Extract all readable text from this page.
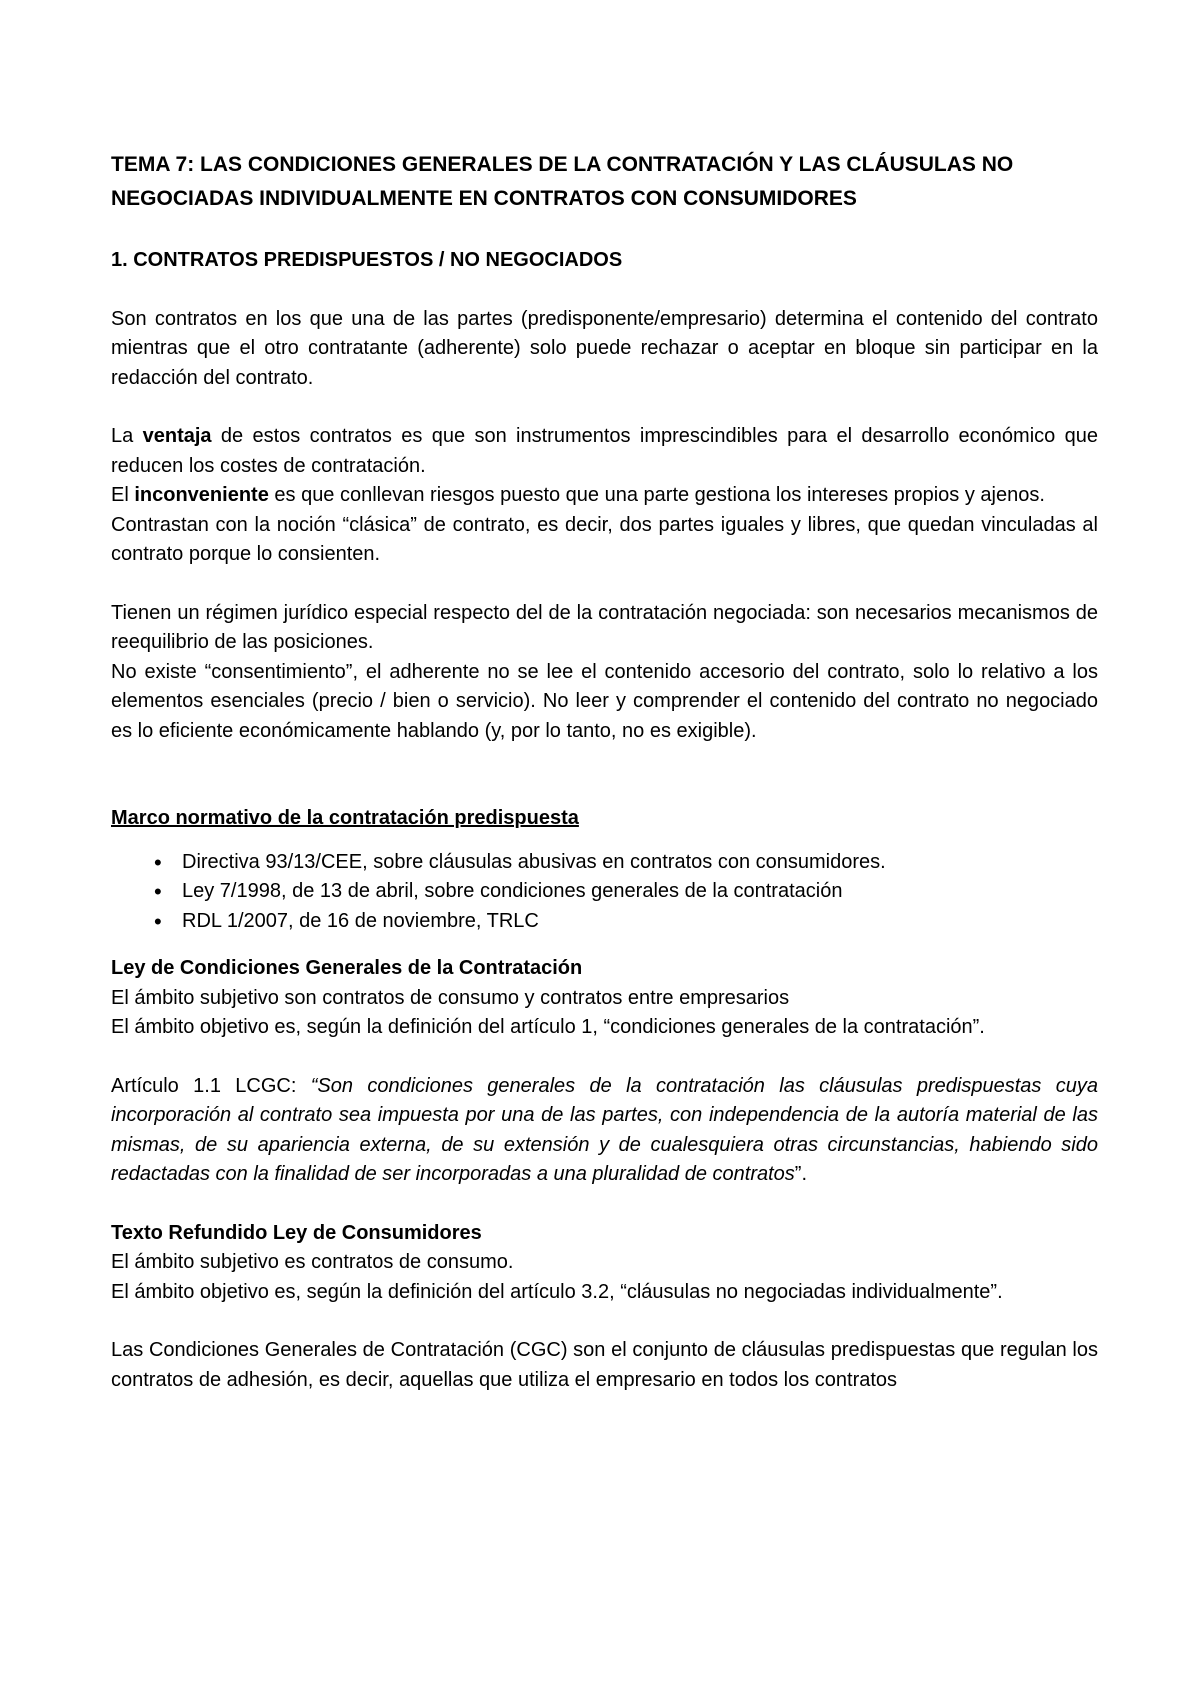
TEMA 7: LAS CONDICIONES GENERALES DE LA CONTRATACIÓN Y LAS CLÁUSULAS NO NEGOCIADAS INDIVIDUALMENTE EN CONTRATOS CON CONSUMIDORES

1. CONTRATOS PREDISPUESTOS / NO NEGOCIADOS

Son contratos en los que una de las partes (predisponente/empresario) determina el contenido del contrato mientras que el otro contratante (adherente) solo puede rechazar o aceptar en bloque sin participar en la redacción del contrato.

La ventaja de estos contratos es que son instrumentos imprescindibles para el desarrollo económico que reducen los costes de contratación.

El inconveniente es que conllevan riesgos puesto que una parte gestiona los intereses propios y ajenos.

Contrastan con la noción “clásica” de contrato, es decir, dos partes iguales y libres, que quedan vinculadas al contrato porque lo consienten.

Tienen un régimen jurídico especial respecto del de la contratación negociada: son necesarios mecanismos de reequilibrio de las posiciones.

No existe “consentimiento”, el adherente no se lee el contenido accesorio del contrato, solo lo relativo a los elementos esenciales (precio / bien o servicio). No leer y comprender el contenido del contrato no negociado es lo eficiente económicamente hablando (y, por lo tanto, no es exigible).

Marco normativo de la contratación predispuesta

• Directiva 93/13/CEE, sobre cláusulas abusivas en contratos con consumidores.
• Ley 7/1998, de 13 de abril, sobre condiciones generales de la contratación
• RDL 1/2007, de 16 de noviembre, TRLC

Ley de Condiciones Generales de la Contratación

El ámbito subjetivo son contratos de consumo y contratos entre empresarios

El ámbito objetivo es, según la definición del artículo 1, “condiciones generales de la contratación”.

Artículo 1.1 LCGC: “Son condiciones generales de la contratación las cláusulas predispuestas cuya incorporación al contrato sea impuesta por una de las partes, con independencia de la autoría material de las mismas, de su apariencia externa, de su extensión y de cualesquiera otras circunstancias, habiendo sido redactadas con la finalidad de ser incorporadas a una pluralidad de contratos”.

Texto Refundido Ley de Consumidores

El ámbito subjetivo es contratos de consumo.

El ámbito objetivo es, según la definición del artículo 3.2, “cláusulas no negociadas individualmente”.

Las Condiciones Generales de Contratación (CGC) son el conjunto de cláusulas predispuestas que regulan los contratos de adhesión, es decir, aquellas que utiliza el empresario en todos los contratos
